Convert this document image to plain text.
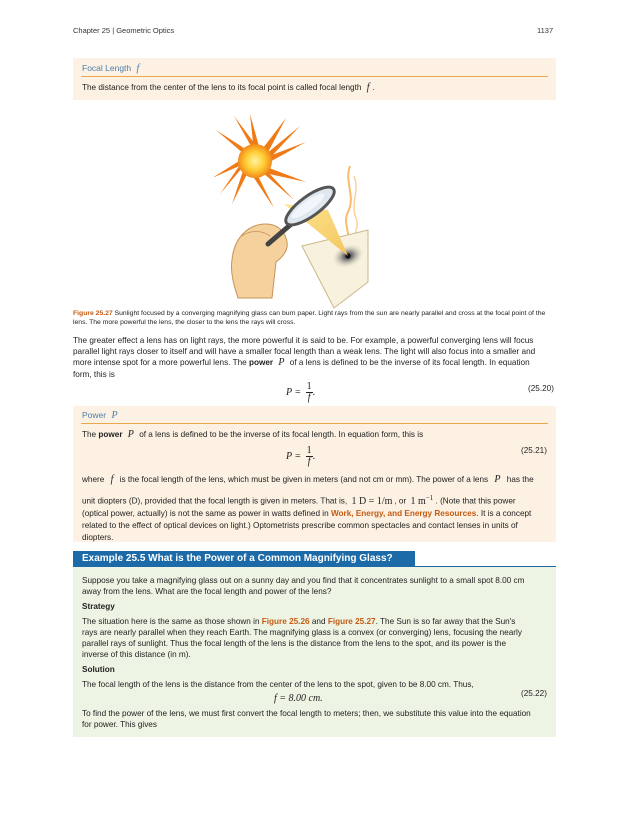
Chapter 25 | Geometric Optics	1137
Focal Length f
The distance from the center of the lens to its focal point is called focal length f .
Figure 25.27 Sunlight focused by a converging magnifying glass can burn paper. Light rays from the sun are nearly parallel and cross at the focal point of the lens. The more powerful the lens, the closer to the lens the rays will cross.
The greater effect a lens has on light rays, the more powerful it is said to be. For example, a powerful converging lens will focus
parallel light rays closer to itself and will have a smaller focal length than a weak lens. The light will also focus into a smaller and
more intense spot for a more powerful lens. The power P of a lens is defined to be the inverse of its focal length. In equation
form, this is
$P = \frac{1}{f}$ .	(25.20)
Power P
The power P of a lens is defined to be the inverse of its focal length. In equation form, this is
$P = \frac{1}{f}$ .
(25.21)
where f is the focal length of the lens, which must be given in meters (and not cm or mm). The power of a lens P has the
unit diopters (D), provided that the focal length is given in meters. That is, 1 D = 1/m , or 1 $m^{-1}$ . (Note that this power
(optical power, actually) is not the same as power in watts defined in Work, Energy, and Energy Resources. It is a concept
related to the effect of optical devices on light.) Optometrists prescribe common spectacles and contact lenses in units of
diopters.
Example 25.5 What is the Power of a Common Magnifying Glass?
Suppose you take a magnifying glass out on a sunny day and you find that it concentrates sunlight to a small spot 8.00 cm
away from the lens. What are the focal length and power of the lens?
Strategy
The situation here is the same as those shown in Figure 25.26 and Figure 25.27. The Sun is so far away that the Sun's
rays are nearly parallel when they reach Earth. The magnifying glass is a convex (or converging) lens, focusing the nearly
parallel rays of sunlight. Thus the focal length of the lens is the distance from the lens to the spot, and its power is the
inverse of this distance (in m).
Solution
The focal length of the lens is the distance from the center of the lens to the spot, given to be 8.00 cm. Thus,
f = 8.00 cm.	(25.22)
To find the power of the lens, we must first convert the focal length to meters; then, we substitute this value into the equation
for power. This gives
